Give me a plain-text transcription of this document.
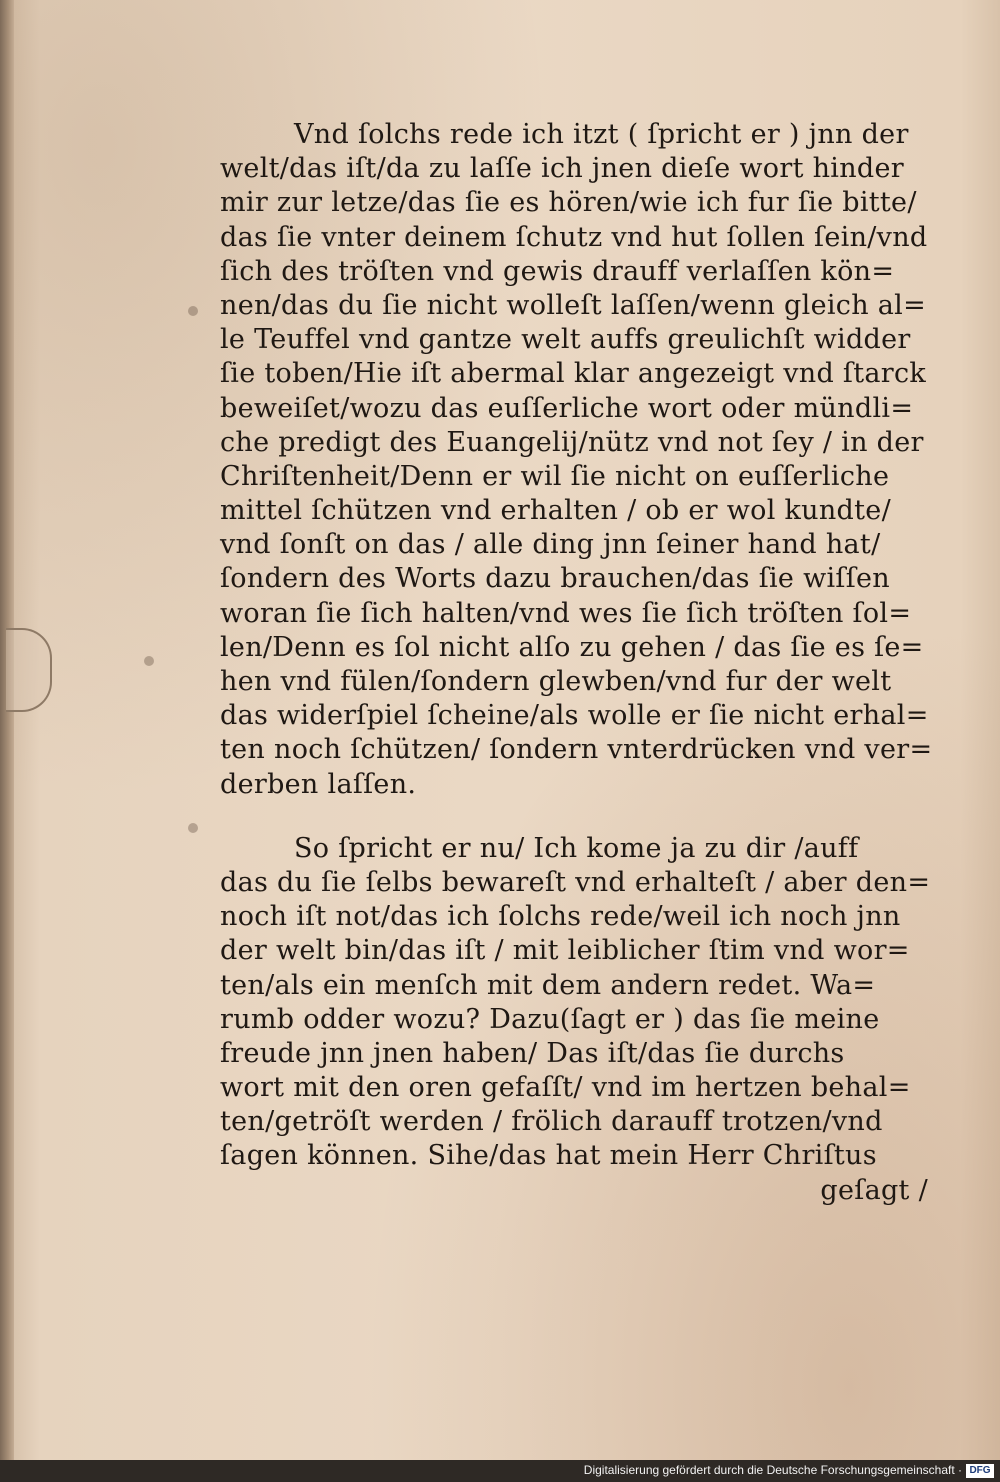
Vnd ſolchs rede ich itzt ( ſpricht er ) jnn der
welt/das iſt/da zu laſſe ich jnen dieſe wort hinder
mir zur letze/das ſie es hören/wie ich fur ſie bitte/
das ſie vnter deinem ſchutz vnd hut ſollen ſein/vnd
ſich des tröſten vnd gewis drauff verlaſſen kön=
nen/das du ſie nicht wolleſt laſſen/wenn gleich al=
le Teuffel vnd gantze welt auffs greulichſt widder
ſie toben/Hie iſt abermal klar angezeigt vnd ſtarck
beweiſet/wozu das euſſerliche wort oder mündli=
che predigt des Euangelij/nütz vnd not ſey / in der
Chriſtenheit/Denn er wil ſie nicht on euſſerliche
mittel ſchützen vnd erhalten / ob er wol kundte/
vnd ſonſt on das / alle ding jnn ſeiner hand hat/
ſondern des Worts dazu brauchen/das ſie wiſſen
woran ſie ſich halten/vnd wes ſie ſich tröſten ſol=
len/Denn es ſol nicht alſo zu gehen / das ſie es ſe=
hen vnd fülen/ſondern glewben/vnd fur der welt
das widerſpiel ſcheine/als wolle er ſie nicht erhal=
ten noch ſchützen/ ſondern vnterdrücken vnd ver=
derben laſſen.
So ſpricht er nu/ Ich kome ja zu dir /auff
das du ſie ſelbs bewareſt vnd erhalteſt / aber den=
noch iſt not/das ich ſolchs rede/weil ich noch jnn
der welt bin/das iſt / mit leiblicher ſtim vnd wor=
ten/als ein menſch mit dem andern redet. Wa=
rumb odder wozu? Dazu(ſagt er ) das ſie meine
freude jnn jnen haben/ Das iſt/das ſie durchs
wort mit den oren gefaſſt/ vnd im hertzen behal=
ten/getröſt werden / frölich darauff trotzen/vnd
ſagen können. Sihe/das hat mein Herr Chriſtus
geſagt /
Digitalisierung gefördert durch die Deutsche Forschungsgemeinschaft · DFG
